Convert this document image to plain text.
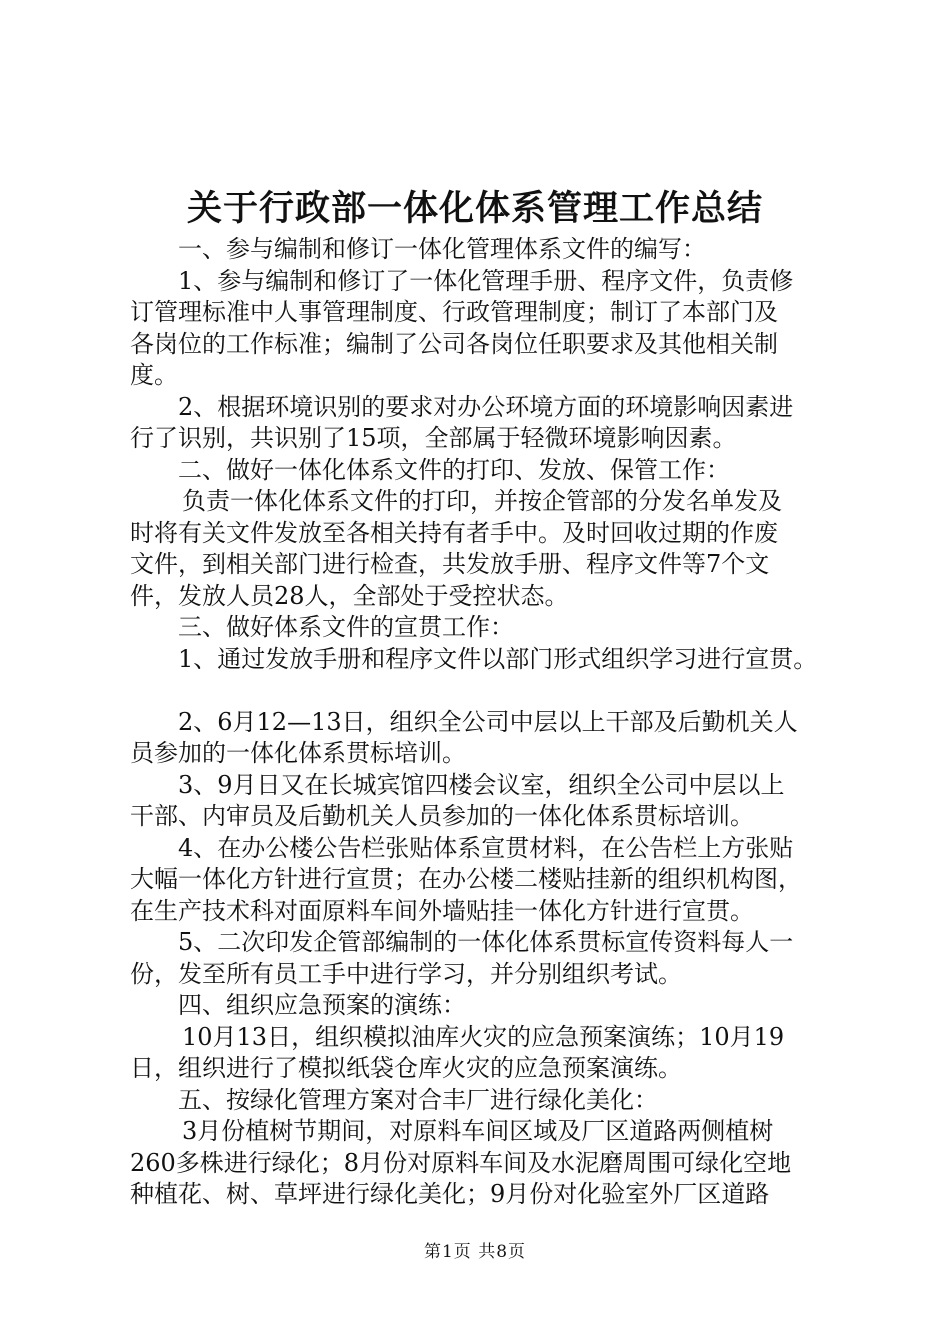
关于行政部一体化体系管理工作总结
一、参与编制和修订一体化管理体系文件的编写：
1、参与编制和修订了一体化管理手册、程序文件，负责修
订管理标准中人事管理制度、行政管理制度；制订了本部门及
各岗位的工作标准；编制了公司各岗位任职要求及其他相关制
度。
2、根据环境识别的要求对办公环境方面的环境影响因素进
行了识别，共识别了15项，全部属于轻微环境影响因素。
二、做好一体化体系文件的打印、发放、保管工作：
负责一体化体系文件的打印，并按企管部的分发名单发及
时将有关文件发放至各相关持有者手中。及时回收过期的作废
文件，到相关部门进行检查，共发放手册、程序文件等7个文
件，发放人员28人，全部处于受控状态。
三、做好体系文件的宣贯工作：
1、通过发放手册和程序文件以部门形式组织学习进行宣贯。
2、6月12—13日，组织全公司中层以上干部及后勤机关人
员参加的一体化体系贯标培训。
3、9月日又在长城宾馆四楼会议室，组织全公司中层以上
干部、内审员及后勤机关人员参加的一体化体系贯标培训。
4、在办公楼公告栏张贴体系宣贯材料，在公告栏上方张贴
大幅一体化方针进行宣贯；在办公楼二楼贴挂新的组织机构图，
在生产技术科对面原料车间外墙贴挂一体化方针进行宣贯。
5、二次印发企管部编制的一体化体系贯标宣传资料每人一
份，发至所有员工手中进行学习，并分别组织考试。
四、组织应急预案的演练：
10月13日，组织模拟油库火灾的应急预案演练；10月19
日，组织进行了模拟纸袋仓库火灾的应急预案演练。
五、按绿化管理方案对合丰厂进行绿化美化：
3月份植树节期间，对原料车间区域及厂区道路两侧植树
260多株进行绿化；8月份对原料车间及水泥磨周围可绿化空地
种植花、树、草坪进行绿化美化；9月份对化验室外厂区道路
第1页 共8页
